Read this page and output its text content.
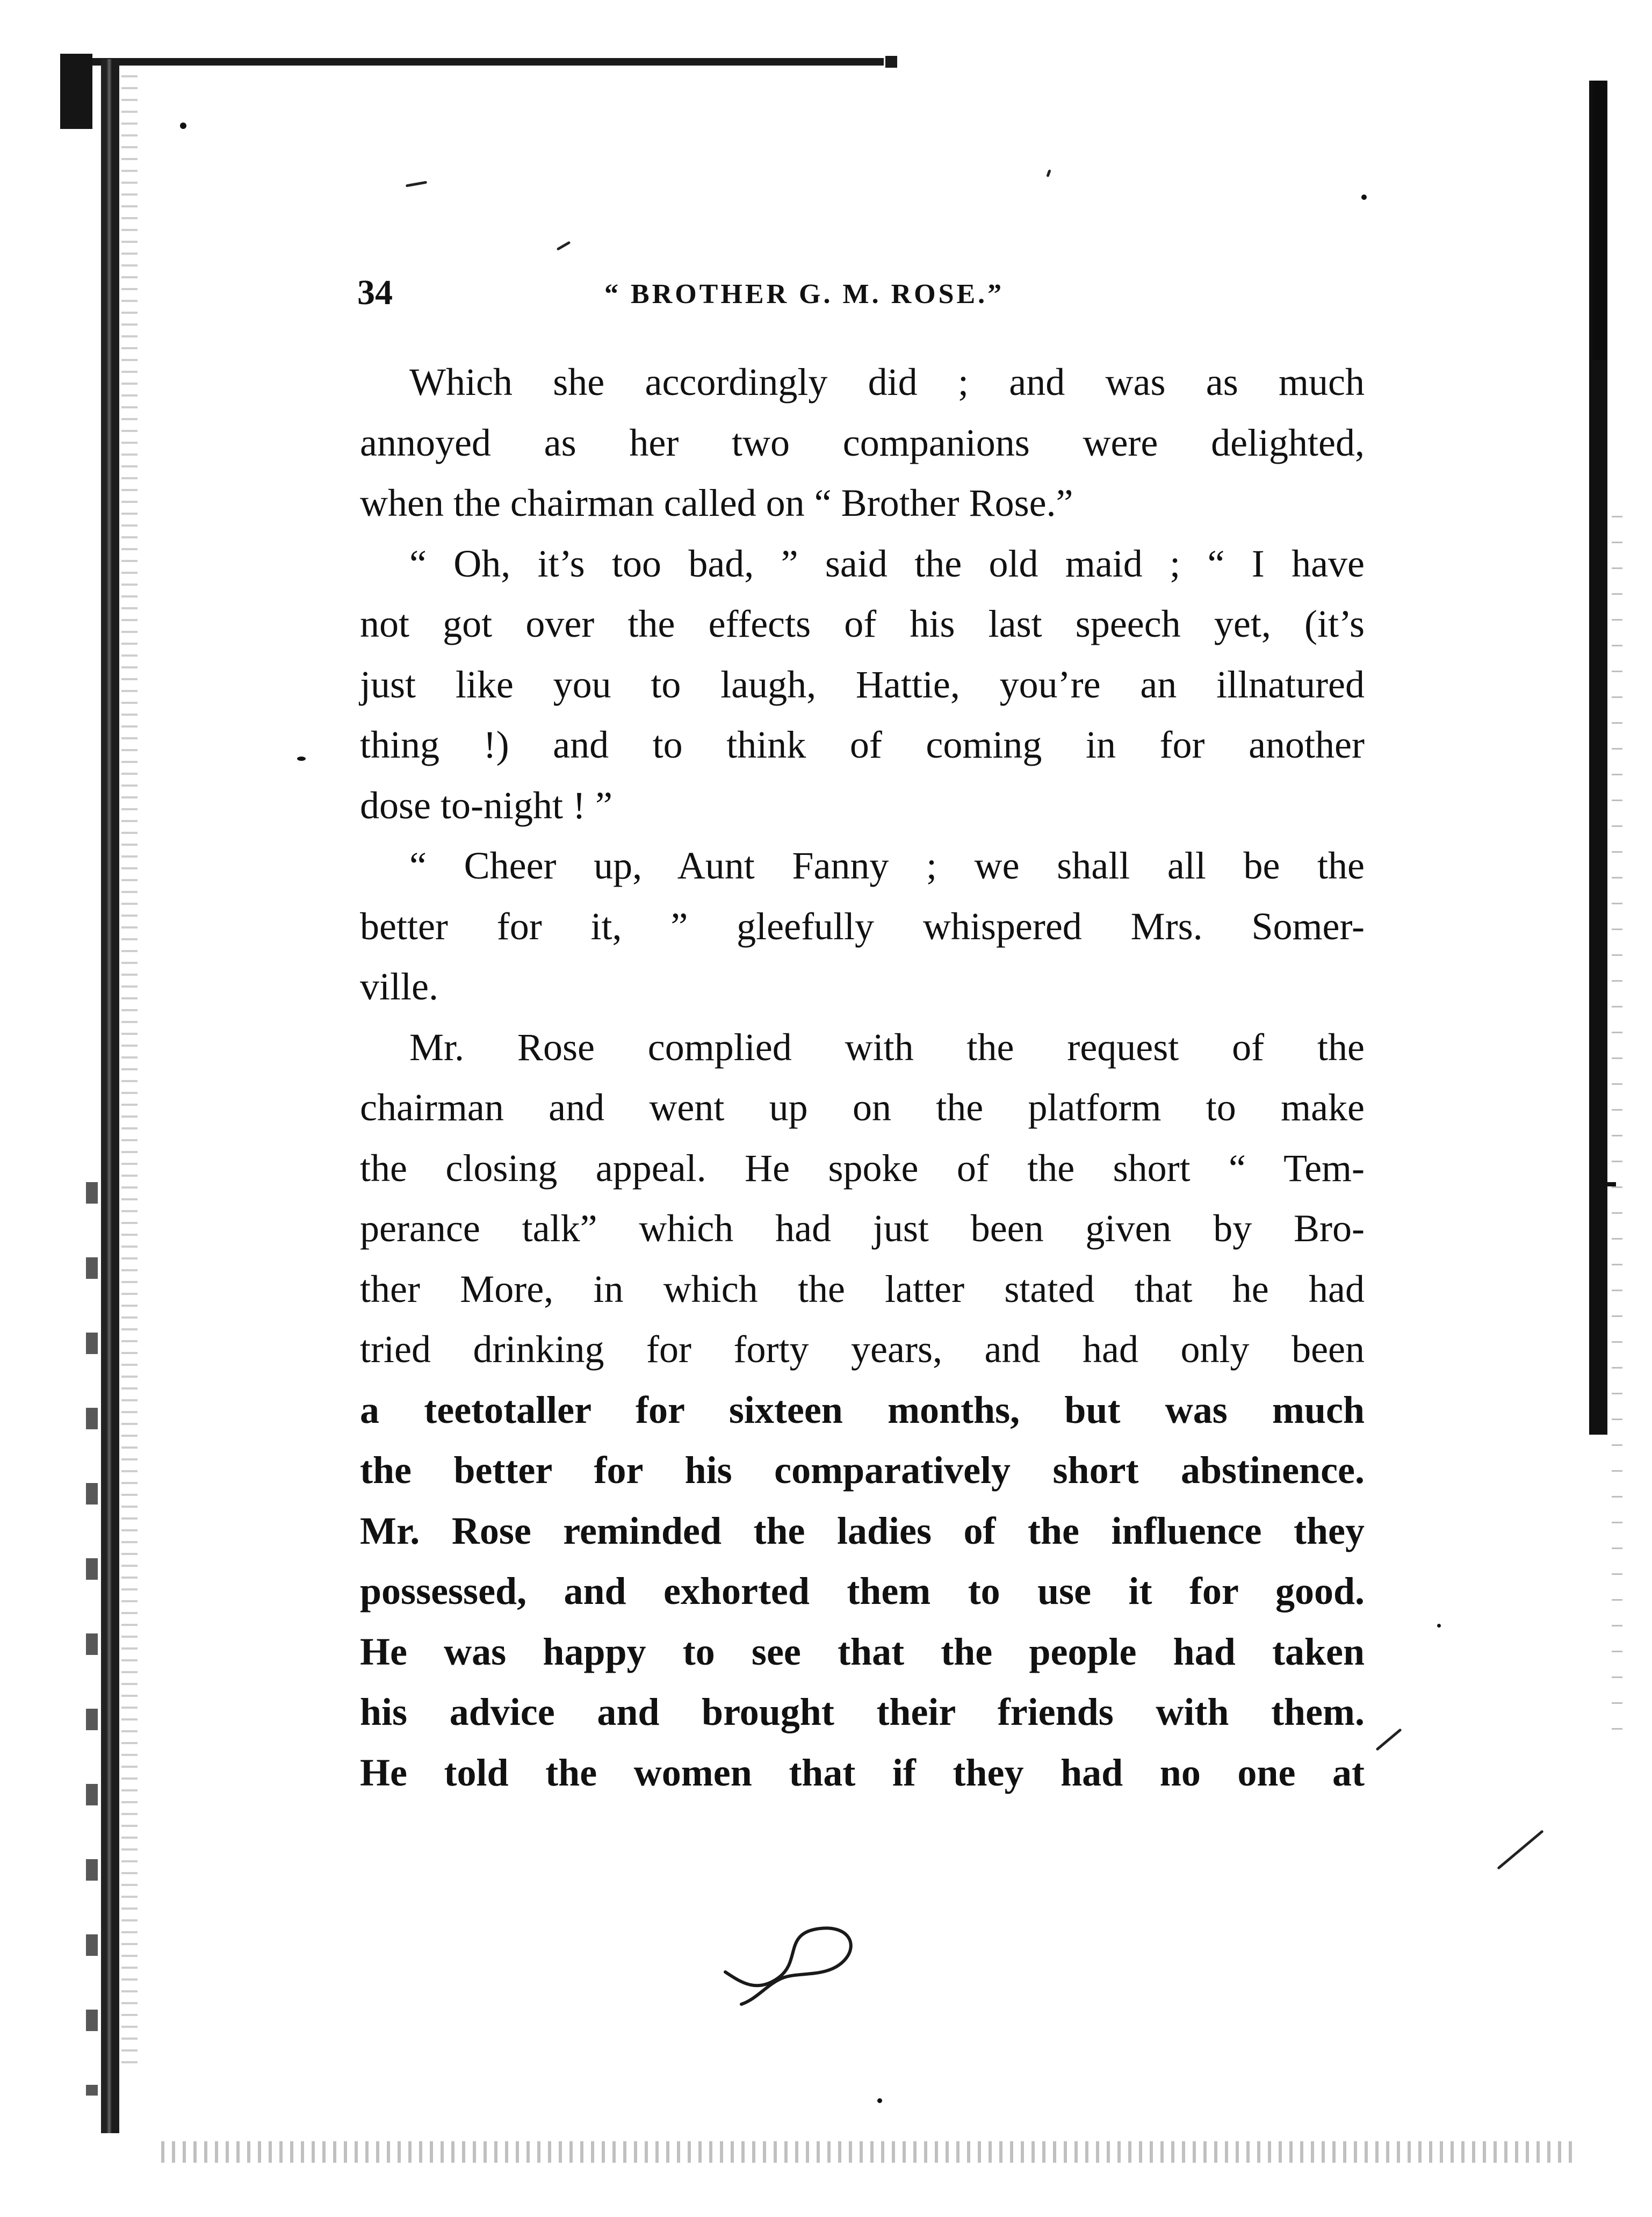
34	“ BROTHER G. M. ROSE.”
Which she accordingly did ; and was as much
annoyed as her two companions were delighted,
when the chairman called on “ Brother Rose.”
“ Oh, it’s too bad, ” said the old maid ; “ I have
not got over the effects of his last speech yet, (it’s
just like you to laugh, Hattie, you’re an illnatured
thing !) and to think of coming in for another
dose to-night ! ”
“ Cheer up, Aunt Fanny ; we shall all be the
better for it, ” gleefully whispered Mrs. Somer-
ville.
Mr. Rose complied with the request of the
chairman and went up on the platform to make
the closing appeal. He spoke of the short “ Tem-
perance talk” which had just been given by Bro-
ther More, in which the latter stated that he had
tried drinking for forty years, and had only been
a teetotaller for sixteen months, but was much
the better for his comparatively short abstinence.
Mr. Rose reminded the ladies of the influence they
possessed, and exhorted them to use it for good.
He was happy to see that the people had taken
his advice and brought their friends with them.
He told the women that if they had no one at
